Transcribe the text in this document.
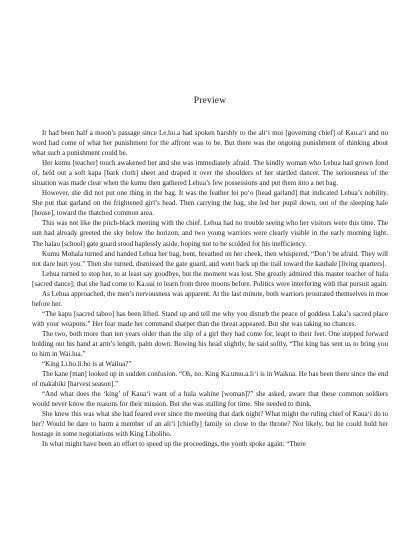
Preview

It had been half a moon’s passage since Le.hu.a had spoken harshly to the ali‘i moi [governing chief] of Kau.a‘i and no word had come of what her punishment for the affront was to be. But there was the ongoing punishment of thinking about what such a punishment could be.

Her kumu [teacher] touch awakened her and she was immediately afraid. The kindly woman who Lehua had grown fond of, held out a soft kapa [bark cloth] sheet and draped it over the shoulders of her startled dancer. The seriousness of the situation was made clear when the kumu then gathered Lehua’s few possessions and put them into a net bag.

However, she did not put one thing in the bag. It was the feather lei po‘o [head garland] that indicated Lehua’s nobility. She put that garland on the frightened girl’s head. Then carrying the bag, she led her pupil down, out of the sleeping hale [house], toward the thatched common area.

This was not like the pitch-black meeting with the chief. Lehua had no trouble seeing who her visitors were this time. The sun had already greeted the sky below the horizon, and two young warriors were clearly visible in the early morning light. The halau [school] gate guard stood haplessly aside, hoping not to be scolded for his inefficiency.

Kumu Mohala turned and handed Lehua her bag, bent, breathed on her cheek, then whispered, “Don’t be afraid. They will not dare hurt you.” Then she turned, dismissed the gate guard, and went back up the trail toward the kauhale [living quarters].

Lehua turned to stop her, to at least say goodbye, but the moment was lost. She greatly admired this master teacher of hula [sacred dance]; that she had come to Ka.uai to learn from three moons before. Politics were interfering with that pursuit again.

As Lehua approached, the men’s nervousness was apparent. At the last minute, both warriors prostrated themselves in moe before her.

“The kapu [sacred taboo] has been lifted. Stand up and tell me why you disturb the peace of goddess Laka’s sacred place with your weapons.” Her fear made her command sharper than the threat appeared. But she was taking no chances.

The two, both more than ten years older than the slip of a girl they had come for, leapt to their feet. One stepped forward holding out his hand at arm’s length, palm down. Bowing his head slightly, he said softly, “The king has sent us to bring you to him in Wai.lua.”

“King Li.ho.li.ho is at Wailua?”

The kane [man] looked up in sudden confusion. “Oh, no. King Ka.umu.a.li‘i is in Waikua. He has been there since the end of makahiki [harvest season].”

“And what does the ‘king’ of Kaua‘i want of a hula wahine [woman]?” she asked, aware that these common soldiers would never know the reasons for their mission. But she was stalling for time. She needed to think.

She knew this was what she had feared ever since the meeting that dark night? What might the ruling chief of Kaua‘i do to her? Would he dare to harm a member of an ali‘i [chiefly] family so close to the throne? Not likely, but he could hold her hostage in some negotiations with King Liholiho.

In what might have been an effort to speed up the proceedings, the youth spoke again: “There
